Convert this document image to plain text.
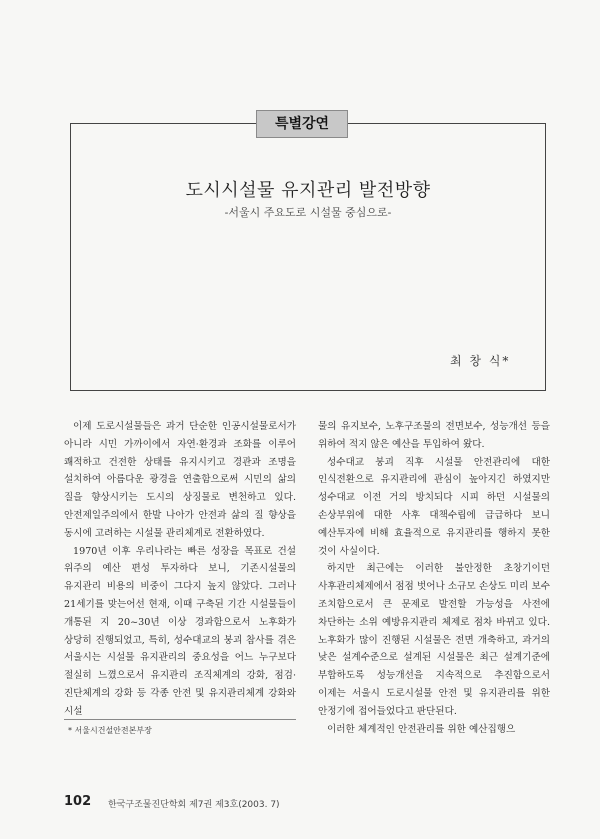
특별강연
도시시설물 유지관리 발전방향
-서울시 주요도로 시설물 중심으로-
최 창 식*

이제 도로시설물들은 과거 단순한 인공시설물로서가 아니라 시민 가까이에서 자연·환경과 조화를 이루어 쾌적하고 건전한 상태를 유지시키고 경관과 조명을 설치하여 아름다운 광경을 연출함으로써 시민의 삶의 질을 향상시키는 도시의 상징물로 변천하고 있다. 안전제일주의에서 한발 나아가 안전과 삶의 질 향상을 동시에 고려하는 시설물 관리체계로 전환하였다.

1970년 이후 우리나라는 빠른 성장을 목표로 건설 위주의 예산 편성 투자하다 보니, 기존시설물의 유지관리 비용의 비중이 그다지 높지 않았다. 그러나 21세기를 맞는어선 현재, 이때 구축된 기간 시설물들이 개통된 지 20~30년 이상 경과함으로서 노후화가 상당히 진행되었고, 특히, 성수대교의 붕괴 참사를 겪은 서울시는 시설물 유지관리의 중요성을 어느 누구보다 절실히 느꼈으로서 유지관리 조직체계의 강화, 점검·진단체계의 강화 등 각종 안전 및 유지관리체계 강화와 시설

물의 유지보수, 노후구조물의 전면보수, 성능개선 등을 위하여 적지 않은 예산을 투입하여 왔다.

성수대교 붕괴 직후 시설물 안전관리에 대한 인식전환으로 유지관리에 관심이 높아지긴 하였지만 성수대교 이전 거의 방치되다 시피 하던 시설물의 손상부위에 대한 사후 대책수립에 급급하다 보니 예산투자에 비해 효율적으로 유지관리를 행하지 못한 것이 사실이다.

하지만 최근에는 이러한 불안정한 초창기이던 사후관리체제에서 점점 벗어나 소규모 손상도 미리 보수 조치함으로서 큰 문제로 발전할 가능성을 사전에 차단하는 소위 예방유지관리 체제로 점차 바뀌고 있다. 노후화가 많이 진행된 시설물은 전면 개축하고, 과거의 낮은 설계수준으로 설계된 시설물은 최근 설계기준에 부합하도록 성능개선을 지속적으로 추진함으로서 이제는 서울시 도로시설물 안전 및 유지관리를 위한 안정기에 접어들었다고 판단된다.

이러한 체계적인 안전관리를 위한 예산집행으

* 서울시건설안전본부장
102 한국구조물진단학회 제7권 제3호(2003. 7)
